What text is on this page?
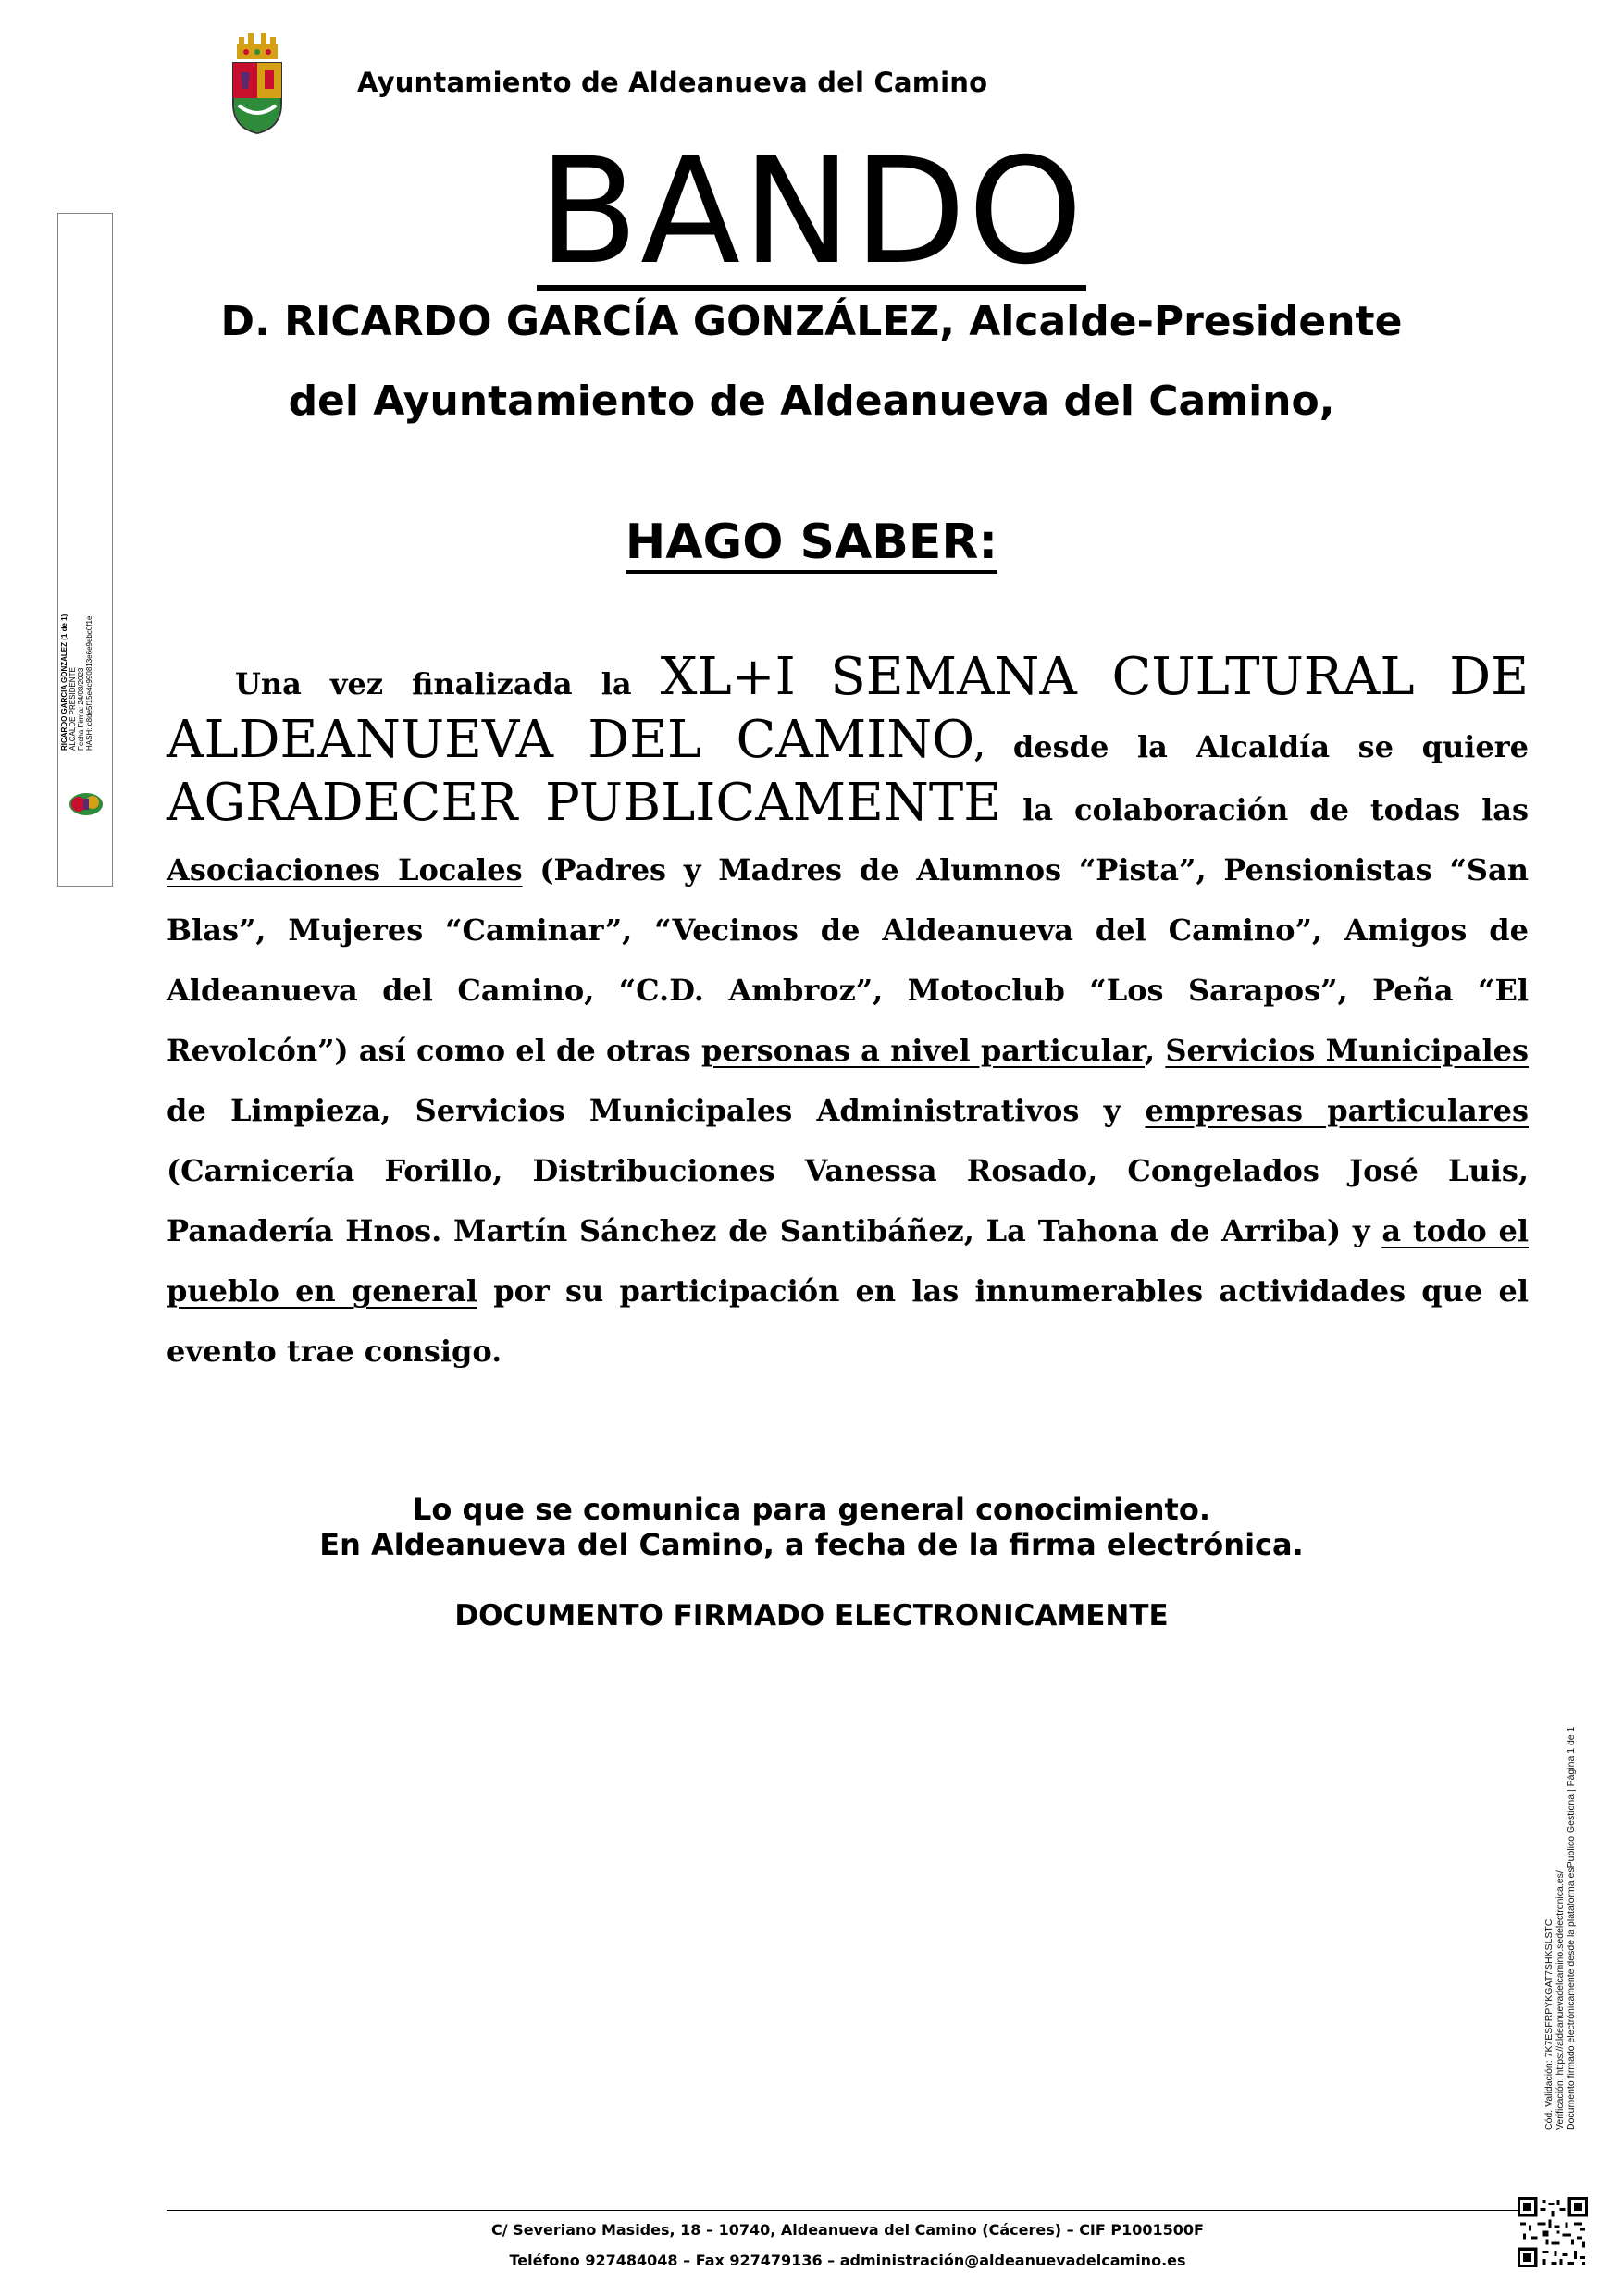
Ayuntamiento de Aldeanueva del Camino
BANDO
D. RICARDO GARCÍA GONZÁLEZ, Alcalde-Presidente
del Ayuntamiento de Aldeanueva del Camino,
HAGO SABER:
Una vez finalizada la XL+I SEMANA CULTURAL DE ALDEANUEVA DEL CAMINO, desde la Alcaldía se quiere AGRADECER PUBLICAMENTE la colaboración de todas las Asociaciones Locales (Padres y Madres de Alumnos “Pista”, Pensionistas “San Blas”, Mujeres “Caminar”, “Vecinos de Aldeanueva del Camino”, Amigos de Aldeanueva del Camino, “C.D. Ambroz”, Motoclub “Los Sarapos”, Peña “El Revolcón”) así como el de otras personas a nivel particular, Servicios Municipales de Limpieza, Servicios Municipales Administrativos y empresas particulares (Carnicería Forillo, Distribuciones Vanessa Rosado, Congelados José Luis, Panadería Hnos. Martín Sánchez de Santibáñez, La Tahona de Arriba) y a todo el pueblo en general por su participación en las innumerables actividades que el evento trae consigo.
Lo que se comunica para general conocimiento.
En Aldeanueva del Camino, a fecha de la firma electrónica.
DOCUMENTO FIRMADO ELECTRONICAMENTE
RICARDO GARCIA GONZALEZ (1 de 1) ALCALDE PRESIDENTE Fecha Firma: 24/08/2023 HASH: c8de5f15e4c990813e6e9ebc0f1e
Cód. Validación: 7K7ESFRPYKGAT7SHKSLSTC Verificación: https://aldeanuevadelcamino.sedelectronica.es/ Documento firmado electrónicamente desde la plataforma esPublico Gestiona | Página 1 de 1
C/ Severiano Masides, 18 – 10740, Aldeanueva del Camino (Cáceres) – CIF P1001500F
Teléfono 927484048 – Fax 927479136 – administración@aldeanuevadelcamino.es
